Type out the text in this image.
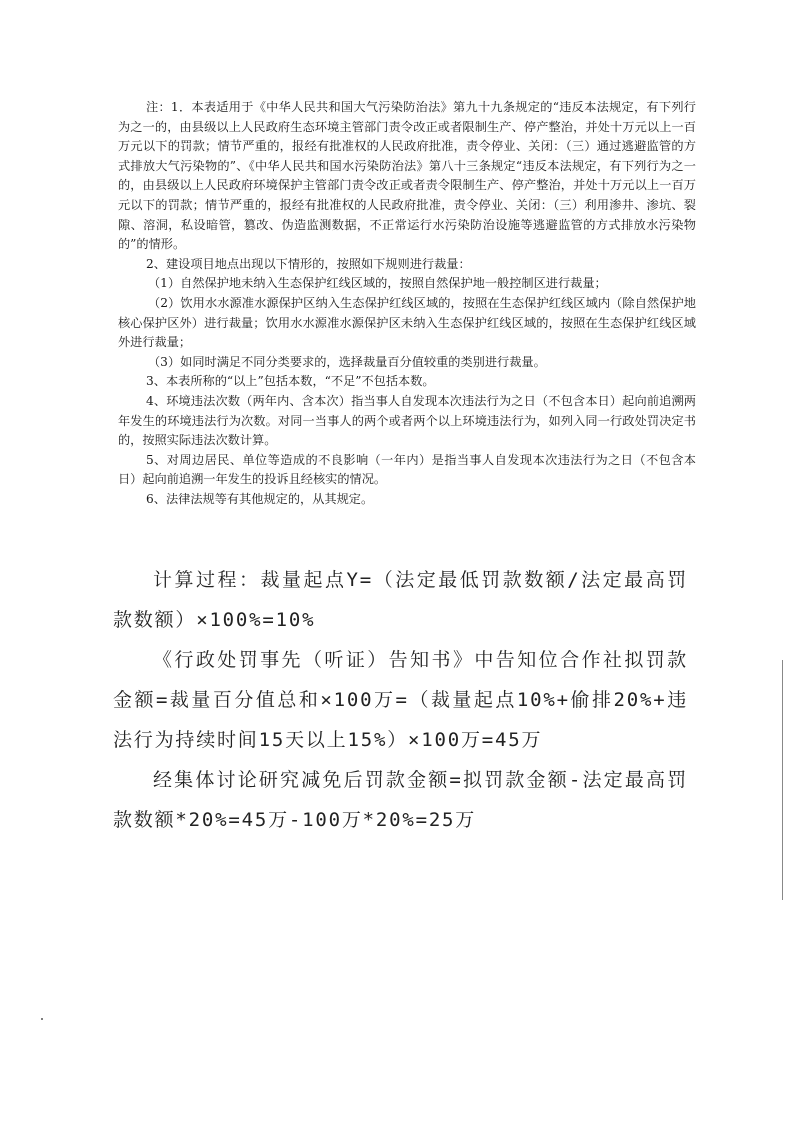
注：1．本表适用于《中华人民共和国大气污染防治法》第九十九条规定的“违反本法规定，有下列行为之一的，由县级以上人民政府生态环境主管部门责令改正或者限制生产、停产整治，并处十万元以上一百万元以下的罚款；情节严重的，报经有批准权的人民政府批准，责令停业、关闭：（三）通过逃避监管的方式排放大气污染物的”、《中华人民共和国水污染防治法》第八十三条规定“违反本法规定，有下列行为之一的，由县级以上人民政府环境保护主管部门责令改正或者责令限制生产、停产整治，并处十万元以上一百万元以下的罚款；情节严重的，报经有批准权的人民政府批准，责令停业、关闭：（三）利用渗井、渗坑、裂隙、溶洞，私设暗管，篡改、伪造监测数据，不正常运行水污染防治设施等逃避监管的方式排放水污染物的”的情形。

2、建设项目地点出现以下情形的，按照如下规则进行裁量：

（1）自然保护地未纳入生态保护红线区域的，按照自然保护地一般控制区进行裁量；

（2）饮用水水源准水源保护区纳入生态保护红线区域的，按照在生态保护红线区域内（除自然保护地核心保护区外）进行裁量；饮用水水源准水源保护区未纳入生态保护红线区域的，按照在生态保护红线区域外进行裁量；

（3）如同时满足不同分类要求的，选择裁量百分值较重的类别进行裁量。

3、本表所称的“以上”包括本数，“不足”不包括本数。

4、环境违法次数（两年内、含本次）指当事人自发现本次违法行为之日（不包含本日）起向前追溯两年发生的环境违法行为次数。对同一当事人的两个或者两个以上环境违法行为，如列入同一行政处罚决定书的，按照实际违法次数计算。

5、对周边居民、单位等造成的不良影响（一年内）是指当事人自发现本次违法行为之日（不包含本日）起向前追溯一年发生的投诉且经核实的情况。

6、法律法规等有其他规定的，从其规定。

计算过程：裁量起点Y=（法定最低罚款数额/法定最高罚款数额）×100%=10%

《行政处罚事先（听证）告知书》中告知位合作社拟罚款金额=裁量百分值总和×100万=（裁量起点10%+偷排20%+违法行为持续时间15天以上15%）×100万=45万

经集体讨论研究减免后罚款金额=拟罚款金额-法定最高罚款数额*20%=45万-100万*20%=25万
